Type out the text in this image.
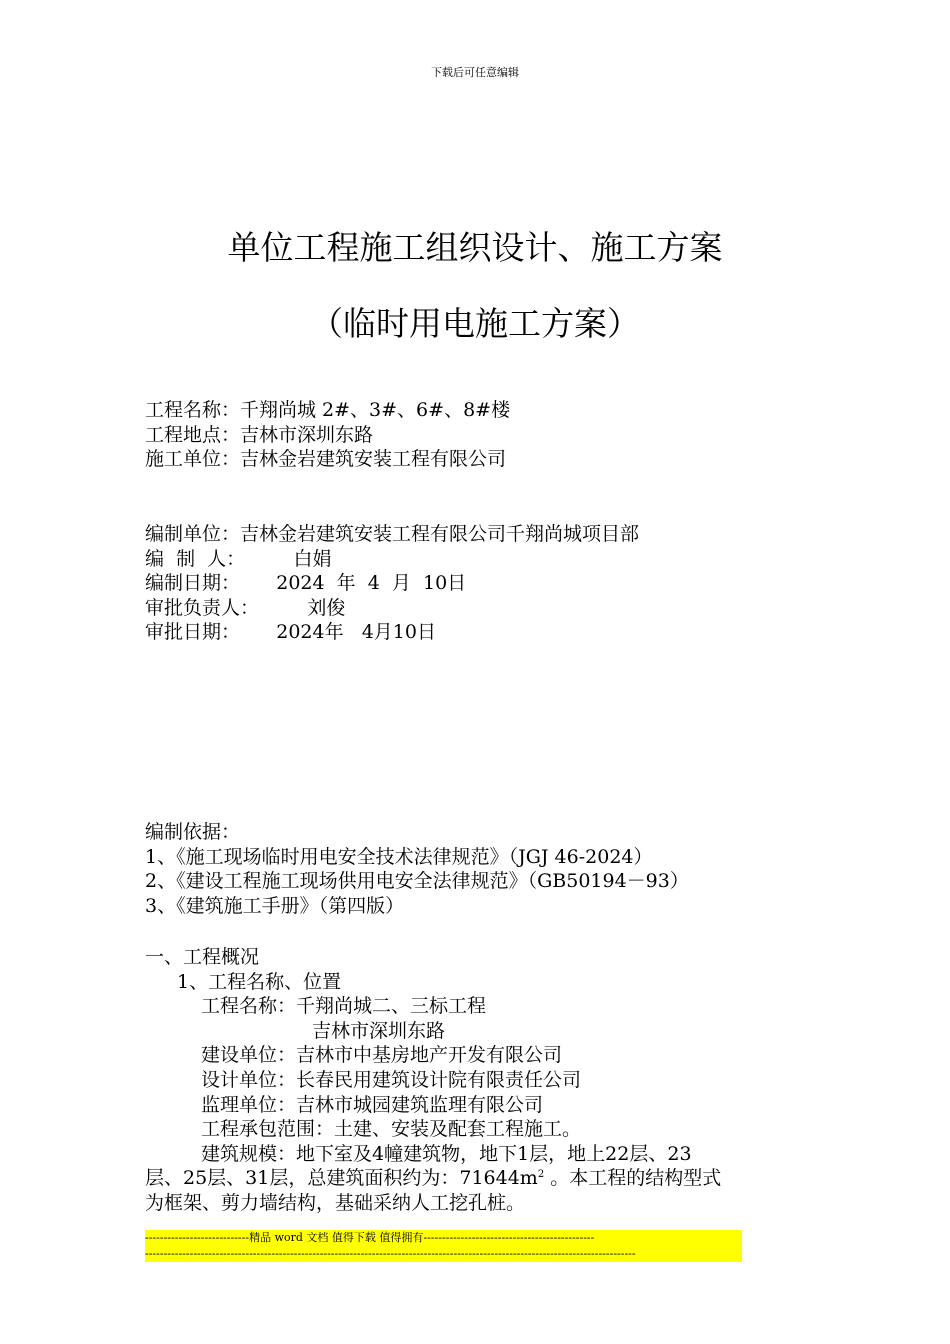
下载后可任意编辑
单位工程施工组织设计、施工方案
（临时用电施工方案）
工程名称：千翔尚城 2#、3#、6#、8#楼
工程地点：吉林市深圳东路
施工单位：吉林金岩建筑安装工程有限公司
编制单位：吉林金岩建筑安装工程有限公司千翔尚城项目部
编  制  人：        白娟
编制日期：      2024  年  4  月  10日
审批负责人：        刘俊
审批日期：      2024年   4月10日
编制依据：
1、《施工现场临时用电安全技术法律规范》（JGJ 46-2024）
2、《建设工程施工现场供用电安全法律规范》（GB50194－93）
3、《建筑施工手册》（第四版）
一、工程概况
1、工程名称、位置
工程名称：千翔尚城二、三标工程
吉林市深圳东路
建设单位：吉林市中基房地产开发有限公司
设计单位：长春民用建筑设计院有限责任公司
监理单位：吉林市城园建筑监理有限公司
工程承包范围：土建、安装及配套工程施工。
建筑规模：地下室及4幢建筑物，地下1层，地上22层、23
层、25层、31层，总建筑面积约为：$71644m^2$ 。本工程的结构型式
为框架、剪力墙结构，基础采纳人工挖孔桩。
----------------------------精品 word 文档 值得下载 值得拥有----------------------------------------------
------------------------------------------------------------------------------------------------------------------------------------
